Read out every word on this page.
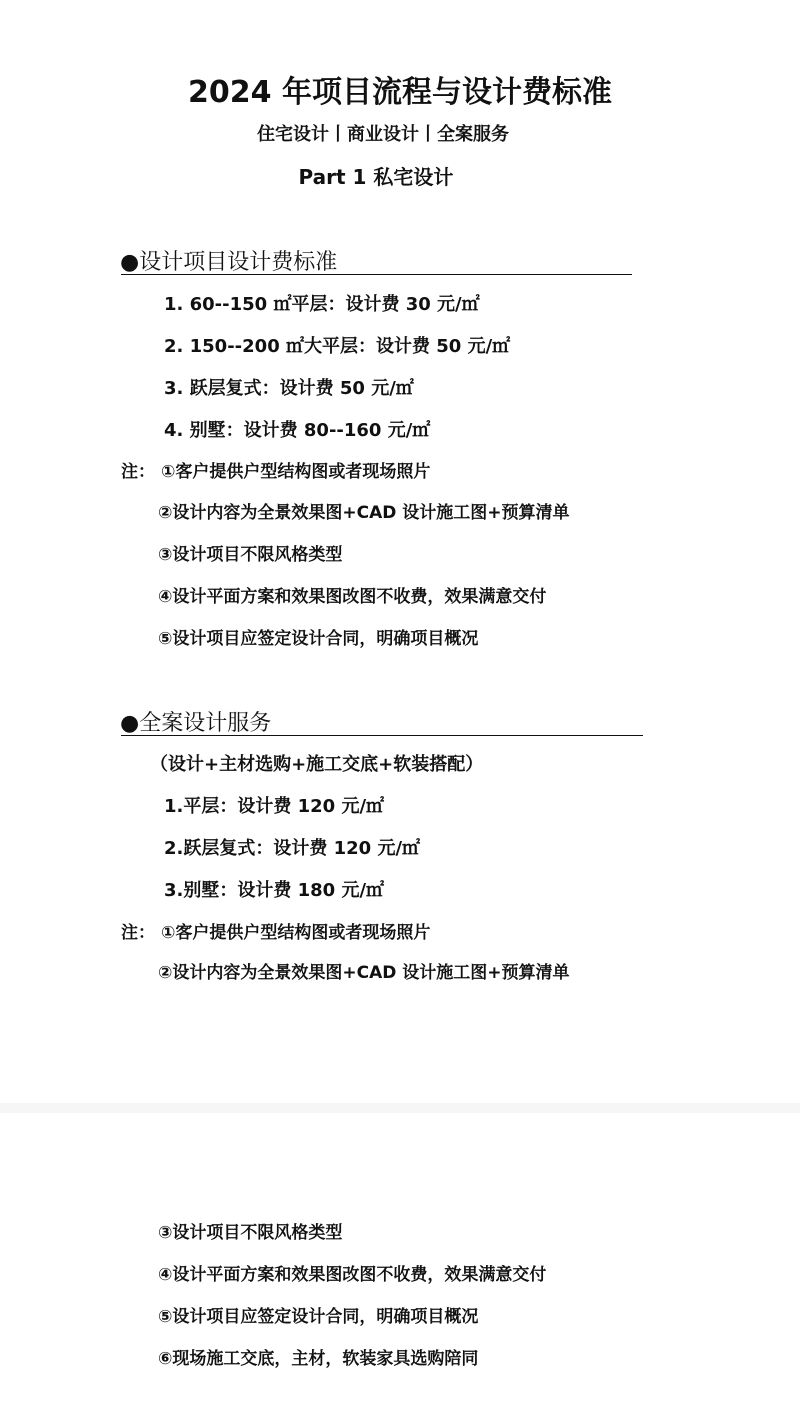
2024 年项目流程与设计费标准
住宅设计丨商业设计丨全案服务
Part 1 私宅设计
●设计项目设计费标准
1. 60--150 ㎡平层：设计费 30 元/㎡
2. 150--200 ㎡大平层：设计费 50 元/㎡
3. 跃层复式：设计费 50 元/㎡
4. 别墅：设计费 80--160 元/㎡
注： ①客户提供户型结构图或者现场照片
②设计内容为全景效果图+CAD 设计施工图+预算清单
③设计项目不限风格类型
④设计平面方案和效果图改图不收费，效果满意交付
⑤设计项目应签定设计合同，明确项目概况
●全案设计服务
（设计+主材选购+施工交底+软装搭配）
1.平层：设计费 120 元/㎡
2.跃层复式：设计费 120 元/㎡
3.别墅：设计费 180 元/㎡
注： ①客户提供户型结构图或者现场照片
②设计内容为全景效果图+CAD 设计施工图+预算清单
③设计项目不限风格类型
④设计平面方案和效果图改图不收费，效果满意交付
⑤设计项目应签定设计合同，明确项目概况
⑥现场施工交底，主材，软装家具选购陪同
